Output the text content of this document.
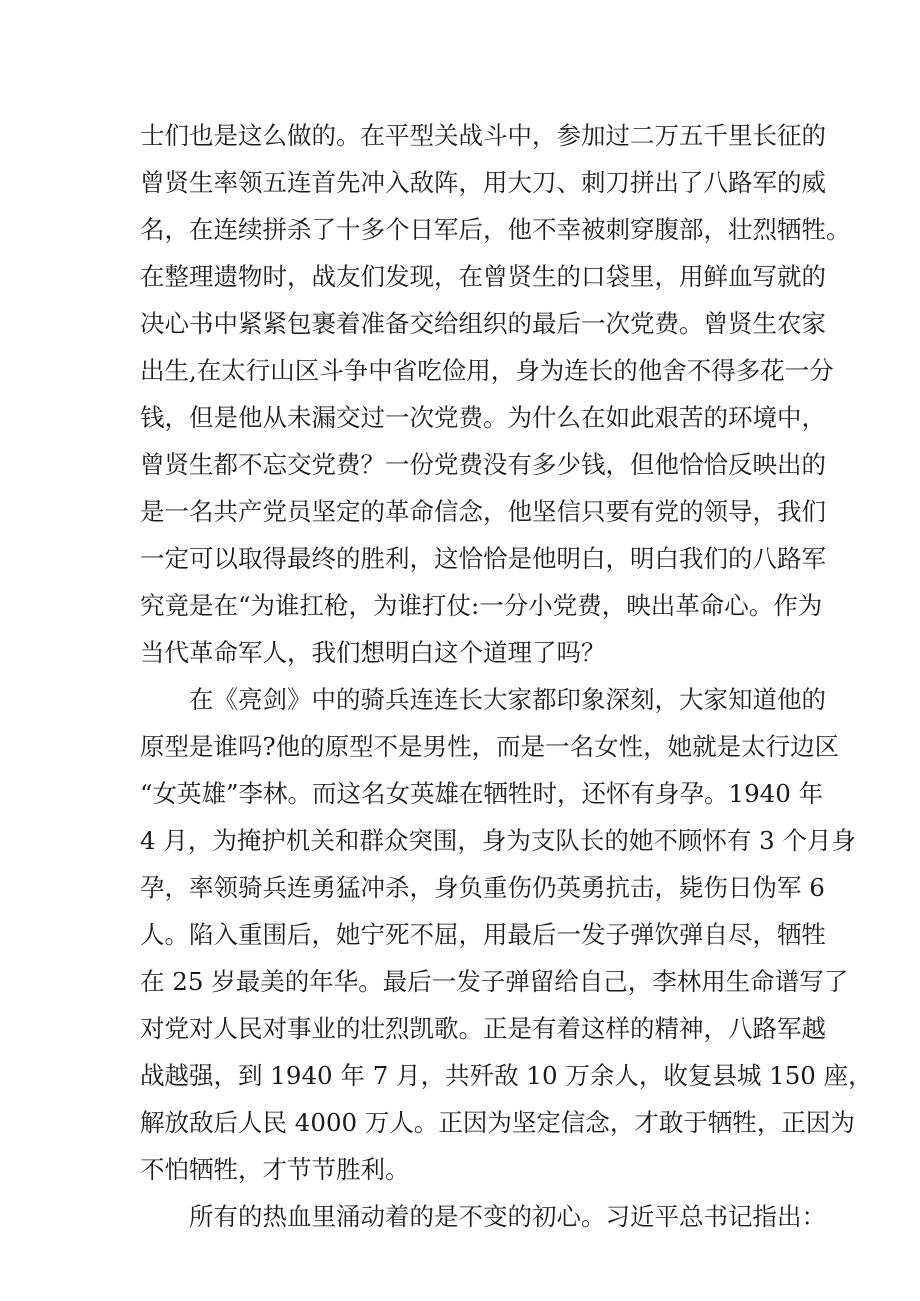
士们也是这么做的。在平型关战斗中，参加过二万五千里长征的
曾贤生率领五连首先冲入敌阵，用大刀、刺刀拼出了八路军的威
名，在连续拼杀了十多个日军后，他不幸被刺穿腹部，壮烈牺牲。
在整理遗物时，战友们发现，在曾贤生的口袋里，用鲜血写就的
决心书中紧紧包裹着准备交给组织的最后一次党费。曾贤生农家
出生,在太行山区斗争中省吃俭用，身为连长的他舍不得多花一分
钱，但是他从未漏交过一次党费。为什么在如此艰苦的环境中，
曾贤生都不忘交党费？一份党费没有多少钱，但他恰恰反映出的
是一名共产党员坚定的革命信念，他坚信只要有党的领导，我们
一定可以取得最终的胜利，这恰恰是他明白，明白我们的八路军
究竟是在“为谁扛枪，为谁打仗:一分小党费，映出革命心。作为
当代革命军人，我们想明白这个道理了吗？
在《亮剑》中的骑兵连连长大家都印象深刻，大家知道他的
原型是谁吗?他的原型不是男性，而是一名女性，她就是太行边区
“女英雄”李林。而这名女英雄在牺牲时，还怀有身孕。1940 年
4 月，为掩护机关和群众突围，身为支队长的她不顾怀有 3 个月身
孕，率领骑兵连勇猛冲杀，身负重伤仍英勇抗击，毙伤日伪军 6
人。陷入重围后，她宁死不屈，用最后一发子弹饮弹自尽，牺牲
在 25 岁最美的年华。最后一发子弹留给自己，李林用生命谱写了
对党对人民对事业的壮烈凯歌。正是有着这样的精神，八路军越
战越强，到 1940 年 7 月，共歼敌 10 万余人，收复县城 150 座，
解放敌后人民 4000 万人。正因为坚定信念，才敢于牺牲，正因为
不怕牺牲，才节节胜利。
所有的热血里涌动着的是不变的初心。习近平总书记指出：
